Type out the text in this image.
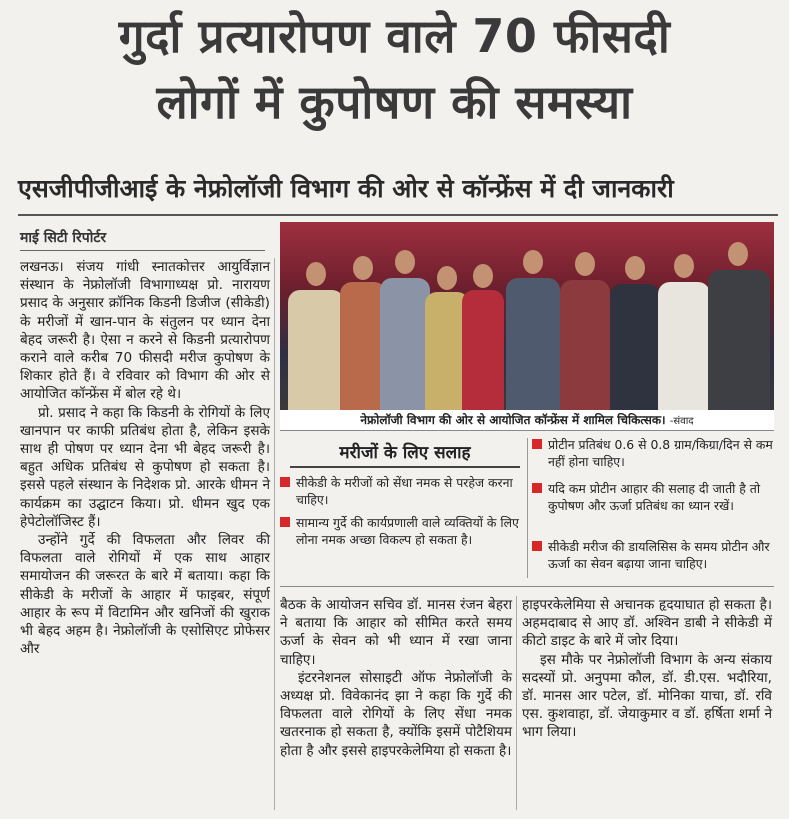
गुर्दा प्रत्यारोपण वाले 70 फीसदी
लोगों में कुपोषण की समस्या
एसजीपीजीआई के नेफ्रोलॉजी विभाग की ओर से कॉन्फ्रेंस में दी जानकारी
माई सिटी रिपोर्टर

लखनऊ। संजय गांधी स्नातकोत्तर आयुर्विज्ञान संस्थान के नेफ्रोलॉजी विभागाध्यक्ष प्रो. नारायण प्रसाद के अनुसार क्रॉनिक किडनी डिजीज (सीकेडी) के मरीजों में खान-पान के संतुलन पर ध्यान देना बेहद जरूरी है। ऐसा न करने से किडनी प्रत्यारोपण कराने वाले करीब 70 फीसदी मरीज कुपोषण के शिकार होते हैं। वे रविवार को विभाग की ओर से आयोजित कॉन्फ्रेंस में बोल रहे थे।

प्रो. प्रसाद ने कहा कि किडनी के रोगियों के लिए खानपान पर काफी प्रतिबंध होता है, लेकिन इसके साथ ही पोषण पर ध्यान देना भी बेहद जरूरी है। बहुत अधिक प्रतिबंध से कुपोषण हो सकता है। इससे पहले संस्थान के निदेशक प्रो. आरके धीमन ने कार्यक्रम का उद्घाटन किया। प्रो. धीमन खुद एक हेपेटोलॉजिस्ट हैं।

उन्होंने गुर्दे की विफलता और लिवर की विफलता वाले रोगियों में एक साथ आहार समायोजन की जरूरत के बारे में बताया। कहा कि सीकेडी के मरीजों के आहार में फाइबर, संपूर्ण आहार के रूप में विटामिन और खनिजों की खुराक भी बेहद अहम है। नेफ्रोलॉजी के एसोसिएट प्रोफेसर और

नेफ्रोलॉजी विभाग की ओर से आयोजित कॉन्फ्रेंस में शामिल चिकित्सक। -संवाद
मरीजों के लिए सलाह
सीकेडी के मरीजों को सेंधा नमक से परहेज करना चाहिए।
सामान्य गुर्दे की कार्यप्रणाली वाले व्यक्तियों के लिए लोना नमक अच्छा विकल्प हो सकता है।
प्रोटीन प्रतिबंध 0.6 से 0.8 ग्राम/किग्रा/दिन से कम नहीं होना चाहिए।
यदि कम प्रोटीन आहार की सलाह दी जाती है तो कुपोषण और ऊर्जा प्रतिबंध का ध्यान रखें।
सीकेडी मरीज की डायलिसिस के समय प्रोटीन और ऊर्जा का सेवन बढ़ाया जाना चाहिए।

बैठक के आयोजन सचिव डॉ. मानस रंजन बेहरा ने बताया कि आहार को सीमित करते समय ऊर्जा के सेवन को भी ध्यान में रखा जाना चाहिए।

इंटरनेशनल सोसाइटी ऑफ नेफ्रोलॉजी के अध्यक्ष प्रो. विवेकानंद झा ने कहा कि गुर्दे की विफलता वाले रोगियों के लिए सेंधा नमक खतरनाक हो सकता है, क्योंकि इसमें पोटैशियम होता है और इससे हाइपरकेलेमिया हो सकता है।

हाइपरकेलेमिया से अचानक हृदयाघात हो सकता है। अहमदाबाद से आए डॉ. अश्विन डाबी ने सीकेडी में कीटो डाइट के बारे में जोर दिया।

इस मौके पर नेफ्रोलॉजी विभाग के अन्य संकाय सदस्यों प्रो. अनुपमा कौल, डॉ. डी.एस. भदौरिया, डॉ. मानस आर पटेल, डॉ. मोनिका याचा, डॉ. रवि एस. कुशवाहा, डॉ. जेयाकुमार व डॉ. हर्षिता शर्मा ने भाग लिया।
